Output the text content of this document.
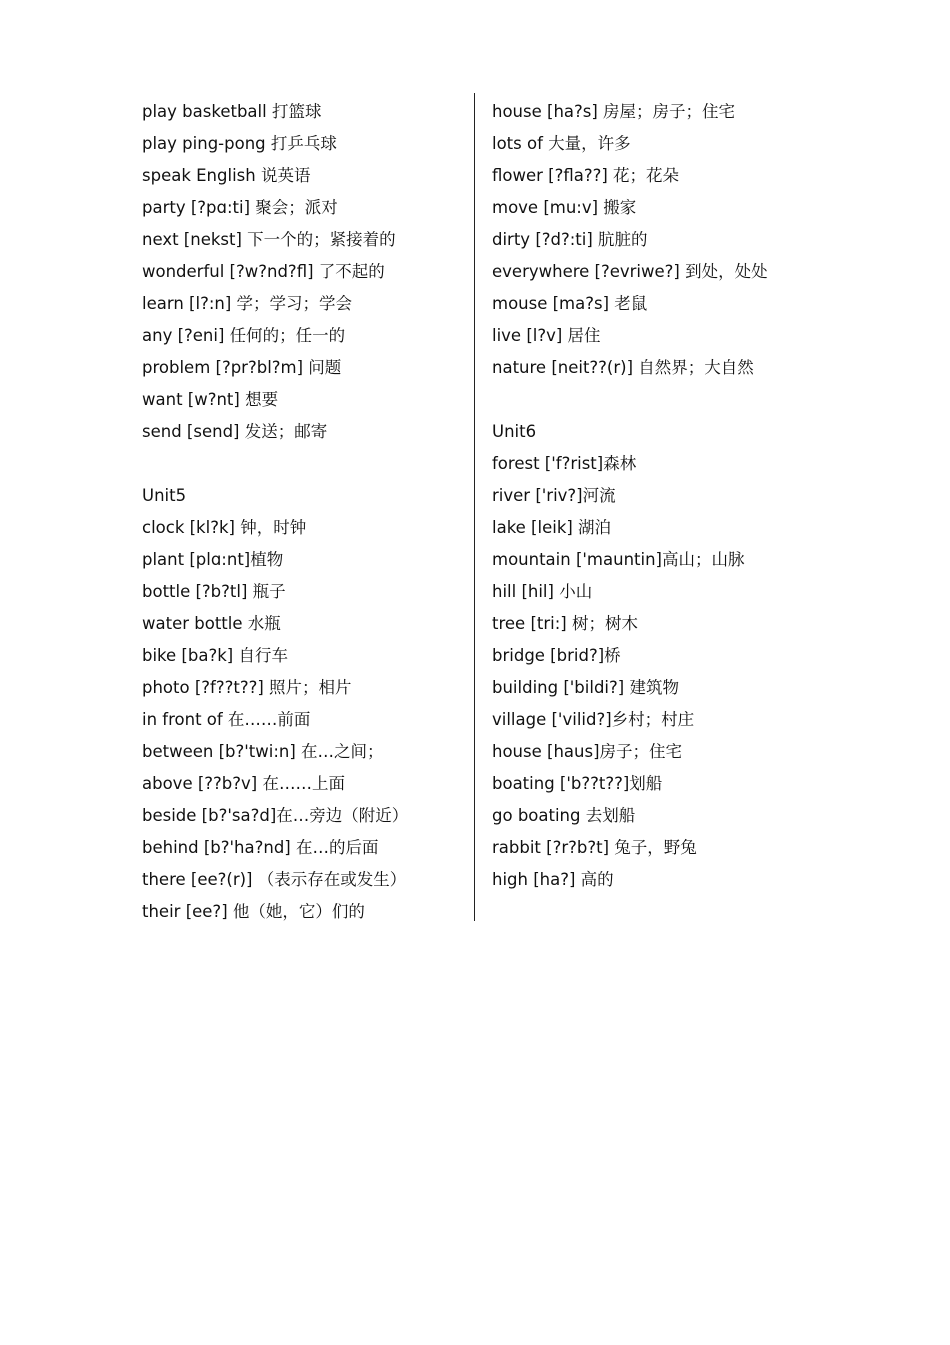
play basketball 打篮球
play ping-pong 打乒乓球
speak English 说英语
party [?pɑ:ti] 聚会；派对
next [nekst] 下一个的；紧接着的
wonderful [?w?nd?fl] 了不起的
learn [l?:n] 学；学习；学会
any [?eni] 任何的；任一的
problem [?pr?bl?m] 问题
want [w?nt] 想要
send [send] 发送；邮寄
Unit5
clock [kl?k] 钟，时钟
plant [plɑ:nt]植物
bottle [?b?tl] 瓶子
water bottle 水瓶
bike [ba?k] 自行车
photo [?f??t??] 照片；相片
in front of 在……前面
between [b?'twi:n] 在…之间；
above [??b?v] 在……上面
beside [b?'sa?d]在…旁边（附近）
behind [b?'ha?nd] 在…的后面
there [ee?(r)] （表示存在或发生）
their [ee?] 他（她，它）们的
house [ha?s] 房屋；房子；住宅
lots of 大量，许多
flower [?fla??] 花；花朵
move [mu:v] 搬家
dirty [?d?:ti] 肮脏的
everywhere [?evriwe?] 到处，处处
mouse [ma?s] 老鼠
live [l?v] 居住
nature [neit??(r)] 自然界；大自然
Unit6
forest ['f?rist]森林
river ['riv?]河流
lake [leik] 湖泊
mountain ['mauntin]高山；山脉
hill [hil] 小山
tree [tri:] 树；树木
bridge [brid?]桥
building ['bildi?] 建筑物
village ['vilid?]乡村；村庄
house [haus]房子；住宅
boating ['b??t??]划船
go boating 去划船
rabbit [?r?b?t] 兔子，野兔
high [ha?] 高的
